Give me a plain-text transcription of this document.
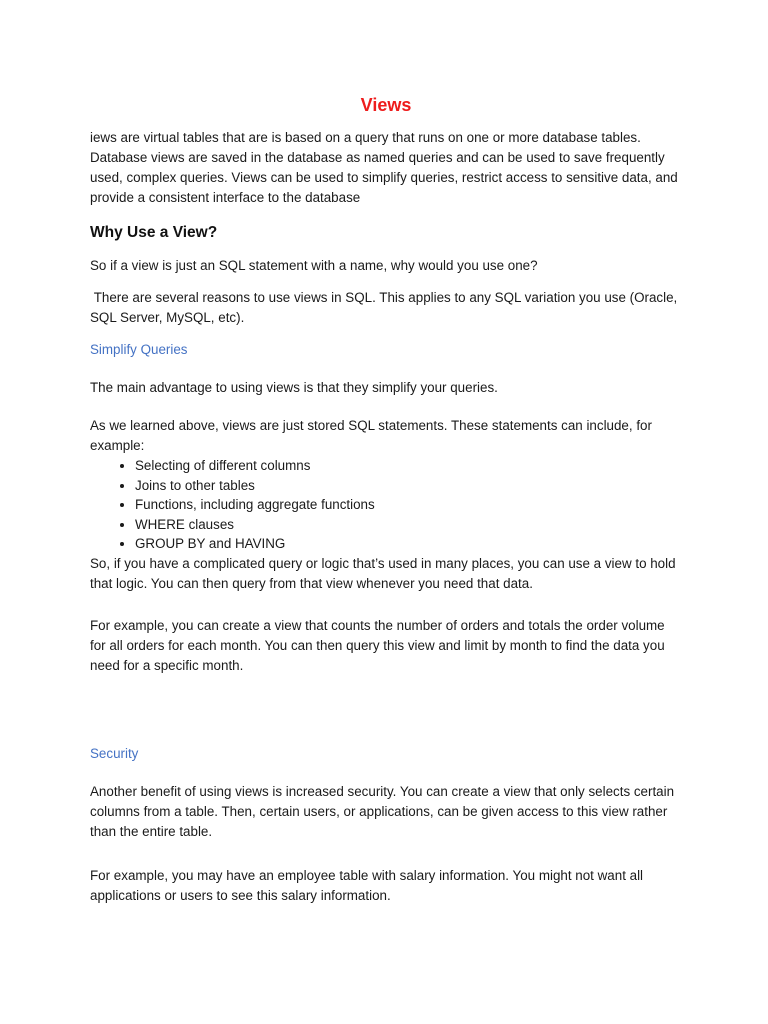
Views

iews are virtual tables that are is based on a query that runs on one or more database tables. Database views are saved in the database as named queries and can be used to save frequently used, complex queries. Views can be used to simplify queries, restrict access to sensitive data, and provide a consistent interface to the database

Why Use a View?

So if a view is just an SQL statement with a name, why would you use one?

There are several reasons to use views in SQL. This applies to any SQL variation you use (Oracle, SQL Server, MySQL, etc).

Simplify Queries

The main advantage to using views is that they simplify your queries.

As we learned above, views are just stored SQL statements. These statements can include, for example:

• Selecting of different columns
• Joins to other tables
• Functions, including aggregate functions
• WHERE clauses
• GROUP BY and HAVING

So, if you have a complicated query or logic that’s used in many places, you can use a view to hold that logic. You can then query from that view whenever you need that data.

For example, you can create a view that counts the number of orders and totals the order volume for all orders for each month. You can then query this view and limit by month to find the data you need for a specific month.

Security

Another benefit of using views is increased security. You can create a view that only selects certain columns from a table. Then, certain users, or applications, can be given access to this view rather than the entire table.

For example, you may have an employee table with salary information. You might not want all applications or users to see this salary information.
